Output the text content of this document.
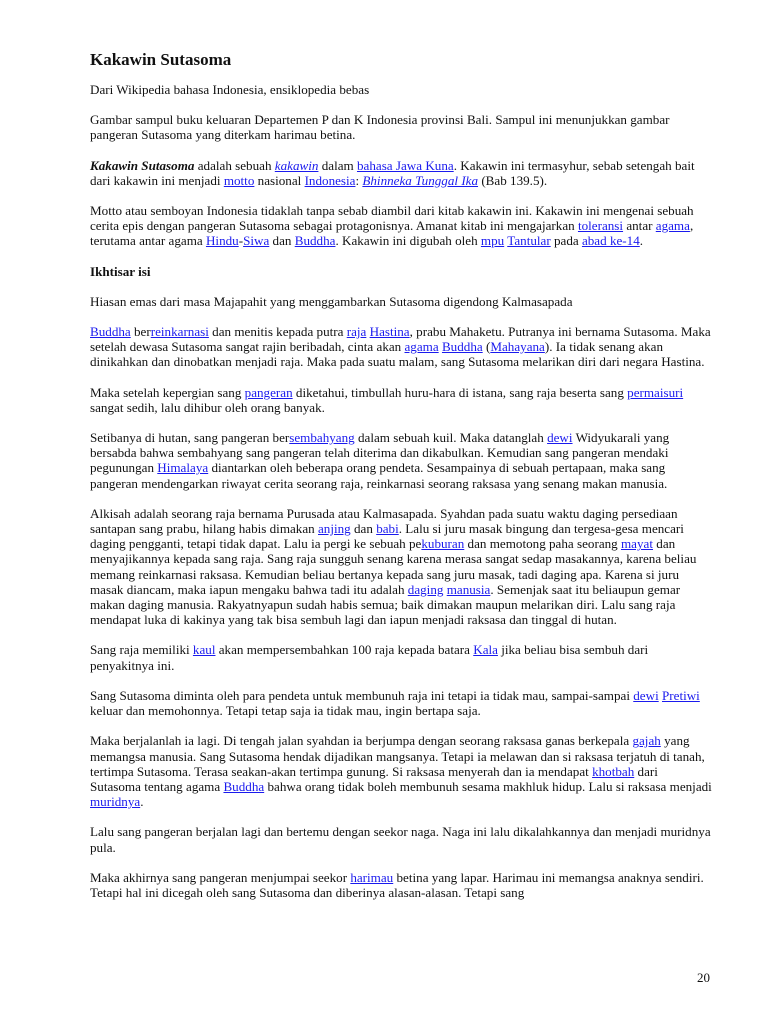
Kakawin Sutasoma

Dari Wikipedia bahasa Indonesia, ensiklopedia bebas

Gambar sampul buku keluaran Departemen P dan K Indonesia provinsi Bali. Sampul ini menunjukkan gambar pangeran Sutasoma yang diterkam harimau betina.

Kakawin Sutasoma adalah sebuah kakawin dalam bahasa Jawa Kuna. Kakawin ini termasyhur, sebab setengah bait dari kakawin ini menjadi motto nasional Indonesia: Bhinneka Tunggal Ika (Bab 139.5).

Motto atau semboyan Indonesia tidaklah tanpa sebab diambil dari kitab kakawin ini. Kakawin ini mengenai sebuah cerita epis dengan pangeran Sutasoma sebagai protagonisnya. Amanat kitab ini mengajarkan toleransi antar agama, terutama antar agama Hindu-Siwa dan Buddha. Kakawin ini digubah oleh mpu Tantular pada abad ke-14.

Ikhtisar isi

Hiasan emas dari masa Majapahit yang menggambarkan Sutasoma digendong Kalmasapada

Buddha berreinkarnasi dan menitis kepada putra raja Hastina, prabu Mahaketu. Putranya ini bernama Sutasoma. Maka setelah dewasa Sutasoma sangat rajin beribadah, cinta akan agama Buddha (Mahayana). Ia tidak senang akan dinikahkan dan dinobatkan menjadi raja. Maka pada suatu malam, sang Sutasoma melarikan diri dari negara Hastina.

Maka setelah kepergian sang pangeran diketahui, timbullah huru-hara di istana, sang raja beserta sang permaisuri sangat sedih, lalu dihibur oleh orang banyak.

Setibanya di hutan, sang pangeran bersembahyang dalam sebuah kuil. Maka datanglah dewi Widyukarali yang bersabda bahwa sembahyang sang pangeran telah diterima dan dikabulkan. Kemudian sang pangeran mendaki pegunungan Himalaya diantarkan oleh beberapa orang pendeta. Sesampainya di sebuah pertapaan, maka sang pangeran mendengarkan riwayat cerita seorang raja, reinkarnasi seorang raksasa yang senang makan manusia.

Alkisah adalah seorang raja bernama Purusada atau Kalmasapada. Syahdan pada suatu waktu daging persediaan santapan sang prabu, hilang habis dimakan anjing dan babi. Lalu si juru masak bingung dan tergesa-gesa mencari daging pengganti, tetapi tidak dapat. Lalu ia pergi ke sebuah pekuburan dan memotong paha seorang mayat dan menyajikannya kepada sang raja. Sang raja sungguh senang karena merasa sangat sedap masakannya, karena beliau memang reinkarnasi raksasa. Kemudian beliau bertanya kepada sang juru masak, tadi daging apa. Karena si juru masak diancam, maka iapun mengaku bahwa tadi itu adalah daging manusia. Semenjak saat itu beliaupun gemar makan daging manusia. Rakyatnyapun sudah habis semua; baik dimakan maupun melarikan diri. Lalu sang raja mendapat luka di kakinya yang tak bisa sembuh lagi dan iapun menjadi raksasa dan tinggal di hutan.

Sang raja memiliki kaul akan mempersembahkan 100 raja kepada batara Kala jika beliau bisa sembuh dari penyakitnya ini.

Sang Sutasoma diminta oleh para pendeta untuk membunuh raja ini tetapi ia tidak mau, sampai-sampai dewi Pretiwi keluar dan memohonnya. Tetapi tetap saja ia tidak mau, ingin bertapa saja.

Maka berjalanlah ia lagi. Di tengah jalan syahdan ia berjumpa dengan seorang raksasa ganas berkepala gajah yang memangsa manusia. Sang Sutasoma hendak dijadikan mangsanya. Tetapi ia melawan dan si raksasa terjatuh di tanah, tertimpa Sutasoma. Terasa seakan-akan tertimpa gunung. Si raksasa menyerah dan ia mendapat khotbah dari Sutasoma tentang agama Buddha bahwa orang tidak boleh membunuh sesama makhluk hidup. Lalu si raksasa menjadi muridnya.

Lalu sang pangeran berjalan lagi dan bertemu dengan seekor naga. Naga ini lalu dikalahkannya dan menjadi muridnya pula.

Maka akhirnya sang pangeran menjumpai seekor harimau betina yang lapar. Harimau ini memangsa anaknya sendiri. Tetapi hal ini dicegah oleh sang Sutasoma dan diberinya alasan-alasan. Tetapi sang

20
